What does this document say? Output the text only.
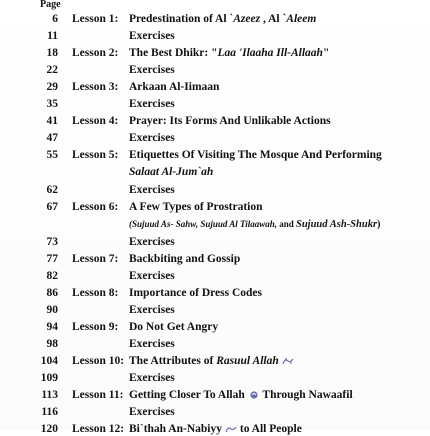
Page
6 Lesson 1: Predestination of Al `Azeez , Al `Aleem
11	Exercises
18 Lesson 2: The Best Dhikr: "Laa 'Ilaaha Ill-Allaah"
22	Exercises
29 Lesson 3: Arkaan Al-Iimaan
35	Exercises
41 Lesson 4: Prayer: Its Forms And Unlikable Actions
47	Exercises
55 Lesson 5: Etiquettes Of Visiting The Mosque And Performing
Salaat Al-Jum`ah
62	Exercises
67 Lesson 6: A Few Types of Prostration
(Sujuud As- Sahw, Sujuud Al Tilaawah, and Sujuud Ash-Shukr)
73	Exercises
77 Lesson 7: Backbiting and Gossip
82	Exercises
86 Lesson 8: Importance of Dress Codes
90	Exercises
94 Lesson 9: Do Not Get Angry
98	Exercises
104 Lesson 10: The Attributes of Rasuul Allah
109	Exercises
113 Lesson 11: Getting Closer To Allah Through Nawaafil
116	Exercises
120 Lesson 12: Bi`thah An-Nabiyy to All People
